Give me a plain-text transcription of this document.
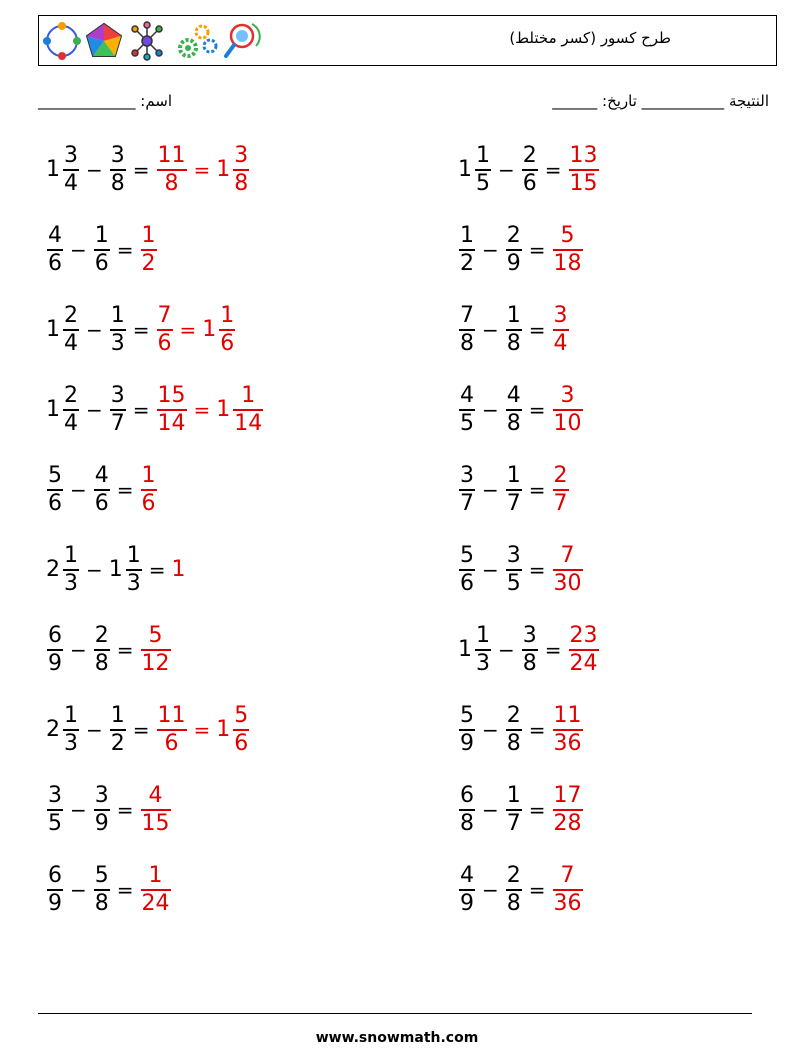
طرح كسور (كسر مختلط)
اسم: _____________	النتيجة ___________ تاريخ: ______
$1 \frac{3}{4} - \frac{3}{8} = \frac{11}{8} = 1 \frac{3}{8}$	$1 \frac{1}{5} - \frac{2}{6} = \frac{13}{15}$
$\frac{4}{6} - \frac{1}{6} = \frac{1}{2}$	$\frac{1}{2} - \frac{2}{9} = \frac{5}{18}$
$1 \frac{2}{4} - \frac{1}{3} = \frac{7}{6} = 1 \frac{1}{6}$	$\frac{7}{8} - \frac{1}{8} = \frac{3}{4}$
$1 \frac{2}{4} - \frac{3}{7} = \frac{15}{14} = 1 \frac{1}{14}$	$\frac{4}{5} - \frac{4}{8} = \frac{3}{10}$
$\frac{5}{6} - \frac{4}{6} = \frac{1}{6}$	$\frac{3}{7} - \frac{1}{7} = \frac{2}{7}$
$2 \frac{1}{3} - 1 \frac{1}{3} = 1$	$\frac{5}{6} - \frac{3}{5} = \frac{7}{30}$
$\frac{6}{9} - \frac{2}{8} = \frac{5}{12}$	$1 \frac{1}{3} - \frac{3}{8} = \frac{23}{24}$
$2 \frac{1}{3} - \frac{1}{2} = \frac{11}{6} = 1 \frac{5}{6}$	$\frac{5}{9} - \frac{2}{8} = \frac{11}{36}$
$\frac{3}{5} - \frac{3}{9} = \frac{4}{15}$	$\frac{6}{8} - \frac{1}{7} = \frac{17}{28}$
$\frac{6}{9} - \frac{5}{8} = \frac{1}{24}$	$\frac{4}{9} - \frac{2}{8} = \frac{7}{36}$
www.snowmath.com
